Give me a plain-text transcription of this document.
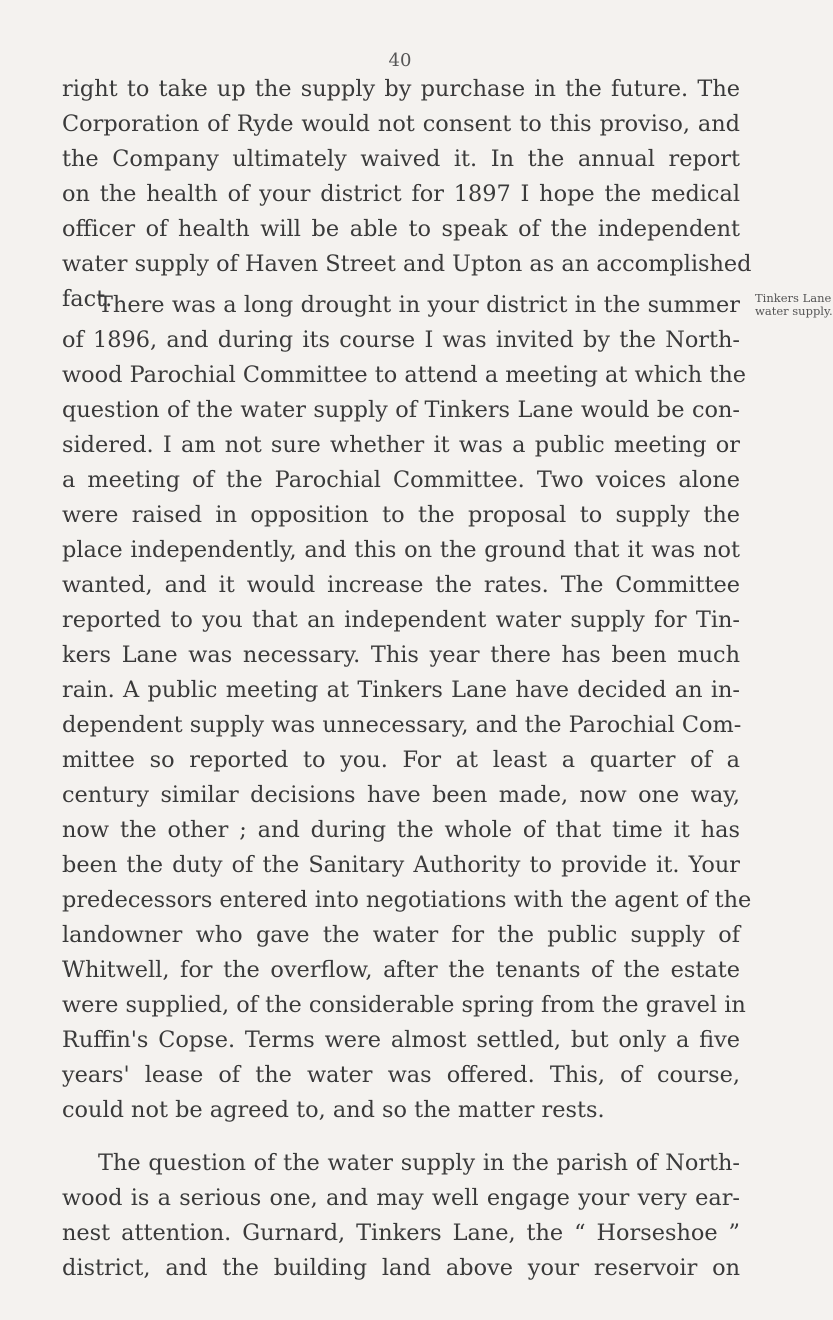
40
right to take up the supply by purchase in the future. The
Corporation of Ryde would not consent to this proviso, and
the Company ultimately waived it. In the annual report
on the health of your district for 1897 I hope the medical
officer of health will be able to speak of the independent
water supply of Haven Street and Upton as an accomplished
fact.	Tinkers Lane
water supply.
There was a long drought in your district in the summer
of 1896, and during its course I was invited by the North-
wood Parochial Committee to attend a meeting at which the
question of the water supply of Tinkers Lane would be con-
sidered. I am not sure whether it was a public meeting or
a meeting of the Parochial Committee. Two voices alone
were raised in opposition to the proposal to supply the
place independently, and this on the ground that it was not
wanted, and it would increase the rates. The Committee
reported to you that an independent water supply for Tin-
kers Lane was necessary. This year there has been much
rain. A public meeting at Tinkers Lane have decided an in-
dependent supply was unnecessary, and the Parochial Com-
mittee so reported to you. For at least a quarter of a
century similar decisions have been made, now one way,
now the other ; and during the whole of that time it has
been the duty of the Sanitary Authority to provide it. Your
predecessors entered into negotiations with the agent of the
landowner who gave the water for the public supply of
Whitwell, for the overflow, after the tenants of the estate
were supplied, of the considerable spring from the gravel in
Ruffin's Copse. Terms were almost settled, but only a five
years' lease of the water was offered. This, of course,
could not be agreed to, and so the matter rests.
The question of the water supply in the parish of North-
wood is a serious one, and may well engage your very ear-
nest attention. Gurnard, Tinkers Lane, the “ Horseshoe ”
district, and the building land above your reservoir on
